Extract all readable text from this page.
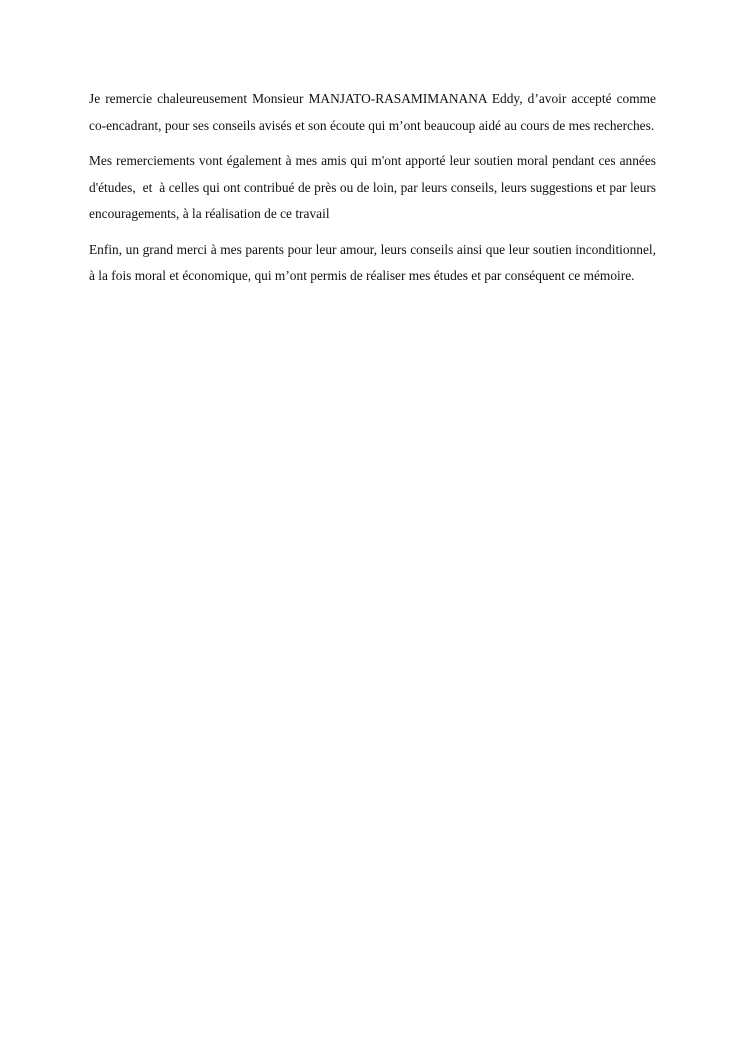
Je remercie chaleureusement Monsieur MANJATO-RASAMIMANANA Eddy, d’avoir accepté comme co-encadrant, pour ses conseils avisés et son écoute qui m’ont beaucoup aidé au cours de mes recherches.

Mes remerciements vont également à mes amis qui m'ont apporté leur soutien moral pendant ces années d'études,  et  à celles qui ont contribué de près ou de loin, par leurs conseils, leurs suggestions et par leurs encouragements, à la réalisation de ce travail

Enfin, un grand merci à mes parents pour leur amour, leurs conseils ainsi que leur soutien inconditionnel, à la fois moral et économique, qui m’ont permis de réaliser mes études et par conséquent ce mémoire.
